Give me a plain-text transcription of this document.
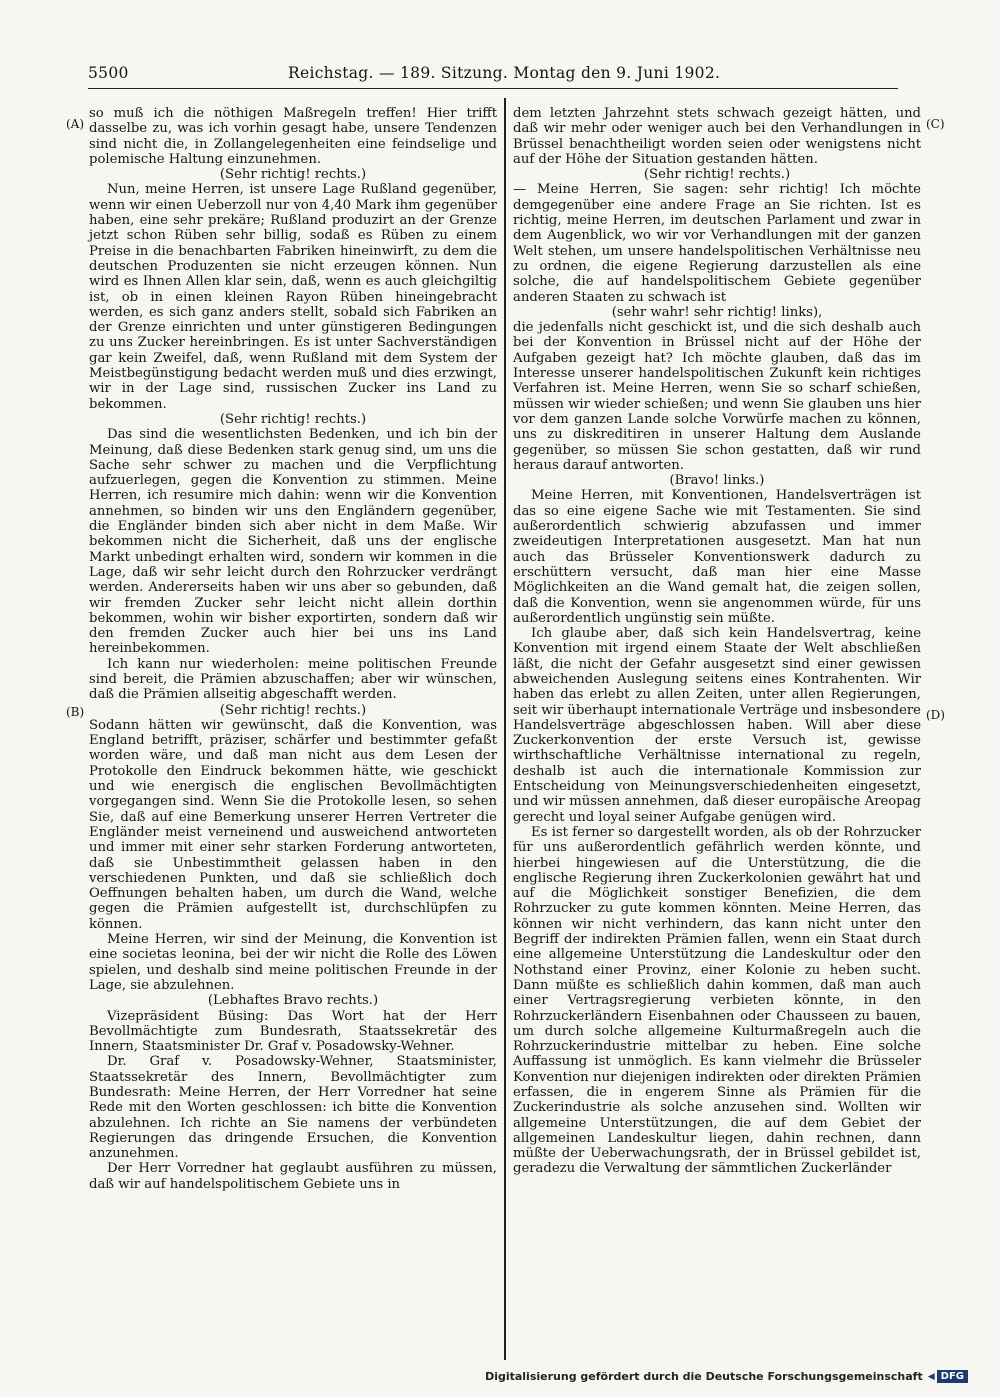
5500	Reichstag. — 189. Sitzung. Montag den 9. Juni 1902.
(A)
(B)
(C)
(D)

so muß ich die nöthigen Maßregeln treffen! Hier trifft dasselbe zu, was ich vorhin gesagt habe, unsere Tendenzen sind nicht die, in Zollangelegenheiten eine feindselige und polemische Haltung einzunehmen.

(Sehr richtig! rechts.)

Nun, meine Herren, ist unsere Lage Rußland gegenüber, wenn wir einen Ueberzoll nur von 4,40 Mark ihm gegenüber haben, eine sehr prekäre; Rußland produzirt an der Grenze jetzt schon Rüben sehr billig, sodaß es Rüben zu einem Preise in die benachbarten Fabriken hineinwirft, zu dem die deutschen Produzenten sie nicht erzeugen können. Nun wird es Ihnen Allen klar sein, daß, wenn es auch gleichgiltig ist, ob in einen kleinen Rayon Rüben hineingebracht werden, es sich ganz anders stellt, sobald sich Fabriken an der Grenze einrichten und unter günstigeren Bedingungen zu uns Zucker hereinbringen. Es ist unter Sachverständigen gar kein Zweifel, daß, wenn Rußland mit dem System der Meistbegünstigung bedacht werden muß und dies erzwingt, wir in der Lage sind, russischen Zucker ins Land zu bekommen.

(Sehr richtig! rechts.)

Das sind die wesentlichsten Bedenken, und ich bin der Meinung, daß diese Bedenken stark genug sind, um uns die Sache sehr schwer zu machen und die Verpflichtung aufzuerlegen, gegen die Konvention zu stimmen. Meine Herren, ich resumire mich dahin: wenn wir die Konvention annehmen, so binden wir uns den Engländern gegenüber, die Engländer binden sich aber nicht in dem Maße. Wir bekommen nicht die Sicherheit, daß uns der englische Markt unbedingt erhalten wird, sondern wir kommen in die Lage, daß wir sehr leicht durch den Rohrzucker verdrängt werden. Andererseits haben wir uns aber so gebunden, daß wir fremden Zucker sehr leicht nicht allein dorthin bekommen, wohin wir bisher exportirten, sondern daß wir den fremden Zucker auch hier bei uns ins Land hereinbekommen.

Ich kann nur wiederholen: meine politischen Freunde sind bereit, die Prämien abzuschaffen; aber wir wünschen, daß die Prämien allseitig abgeschafft werden.

(Sehr richtig! rechts.)

Sodann hätten wir gewünscht, daß die Konvention, was England betrifft, präziser, schärfer und bestimmter gefaßt worden wäre, und daß man nicht aus dem Lesen der Protokolle den Eindruck bekommen hätte, wie geschickt und wie energisch die englischen Bevollmächtigten vorgegangen sind. Wenn Sie die Protokolle lesen, so sehen Sie, daß auf eine Bemerkung unserer Herren Vertreter die Engländer meist verneinend und ausweichend antworteten und immer mit einer sehr starken Forderung antworteten, daß sie Unbestimmtheit gelassen haben in den verschiedenen Punkten, und daß sie schließlich doch Oeffnungen behalten haben, um durch die Wand, welche gegen die Prämien aufgestellt ist, durchschlüpfen zu können.

Meine Herren, wir sind der Meinung, die Konvention ist eine societas leonina, bei der wir nicht die Rolle des Löwen spielen, und deshalb sind meine politischen Freunde in der Lage, sie abzulehnen.

(Lebhaftes Bravo rechts.)

Vizepräsident Büsing: Das Wort hat der Herr Bevollmächtigte zum Bundesrath, Staatssekretär des Innern, Staatsminister Dr. Graf v. Posadowsky-Wehner.

Dr. Graf v. Posadowsky-Wehner, Staatsminister, Staatssekretär des Innern, Bevollmächtigter zum Bundesrath: Meine Herren, der Herr Vorredner hat seine Rede mit den Worten geschlossen: ich bitte die Konvention abzulehnen. Ich richte an Sie namens der verbündeten Regierungen das dringende Ersuchen, die Konvention anzunehmen.

Der Herr Vorredner hat geglaubt ausführen zu müssen, daß wir auf handelspolitischem Gebiete uns in

dem letzten Jahrzehnt stets schwach gezeigt hätten, und daß wir mehr oder weniger auch bei den Verhandlungen in Brüssel benachtheiligt worden seien oder wenigstens nicht auf der Höhe der Situation gestanden hätten.

(Sehr richtig! rechts.)

— Meine Herren, Sie sagen: sehr richtig! Ich möchte demgegenüber eine andere Frage an Sie richten. Ist es richtig, meine Herren, im deutschen Parlament und zwar in dem Augenblick, wo wir vor Verhandlungen mit der ganzen Welt stehen, um unsere handelspolitischen Verhältnisse neu zu ordnen, die eigene Regierung darzustellen als eine solche, die auf handelspolitischem Gebiete gegenüber anderen Staaten zu schwach ist

(sehr wahr! sehr richtig! links),

die jedenfalls nicht geschickt ist, und die sich deshalb auch bei der Konvention in Brüssel nicht auf der Höhe der Aufgaben gezeigt hat? Ich möchte glauben, daß das im Interesse unserer handelspolitischen Zukunft kein richtiges Verfahren ist. Meine Herren, wenn Sie so scharf schießen, müssen wir wieder schießen; und wenn Sie glauben uns hier vor dem ganzen Lande solche Vorwürfe machen zu können, uns zu diskreditiren in unserer Haltung dem Auslande gegenüber, so müssen Sie schon gestatten, daß wir rund heraus darauf antworten.

(Bravo! links.)

Meine Herren, mit Konventionen, Handelsverträgen ist das so eine eigene Sache wie mit Testamenten. Sie sind außerordentlich schwierig abzufassen und immer zweideutigen Interpretationen ausgesetzt. Man hat nun auch das Brüsseler Konventionswerk dadurch zu erschüttern versucht, daß man hier eine Masse Möglichkeiten an die Wand gemalt hat, die zeigen sollen, daß die Konvention, wenn sie angenommen würde, für uns außerordentlich ungünstig sein müßte.

Ich glaube aber, daß sich kein Handelsvertrag, keine Konvention mit irgend einem Staate der Welt abschließen läßt, die nicht der Gefahr ausgesetzt sind einer gewissen abweichenden Auslegung seitens eines Kontrahenten. Wir haben das erlebt zu allen Zeiten, unter allen Regierungen, seit wir überhaupt internationale Verträge und insbesondere Handelsverträge abgeschlossen haben. Will aber diese Zuckerkonvention der erste Versuch ist, gewisse wirthschaftliche Verhältnisse international zu regeln, deshalb ist auch die internationale Kommission zur Entscheidung von Meinungsverschiedenheiten eingesetzt, und wir müssen annehmen, daß dieser europäische Areopag gerecht und loyal seiner Aufgabe genügen wird.

Es ist ferner so dargestellt worden, als ob der Rohrzucker für uns außerordentlich gefährlich werden könnte, und hierbei hingewiesen auf die Unterstützung, die die englische Regierung ihren Zuckerkolonien gewährt hat und auf die Möglichkeit sonstiger Benefizien, die dem Rohrzucker zu gute kommen könnten. Meine Herren, das können wir nicht verhindern, das kann nicht unter den Begriff der indirekten Prämien fallen, wenn ein Staat durch eine allgemeine Unterstützung die Landeskultur oder den Nothstand einer Provinz, einer Kolonie zu heben sucht. Dann müßte es schließlich dahin kommen, daß man auch einer Vertragsregierung verbieten könnte, in den Rohrzuckerländern Eisenbahnen oder Chausseen zu bauen, um durch solche allgemeine Kulturmaßregeln auch die Rohrzuckerindustrie mittelbar zu heben. Eine solche Auffassung ist unmöglich. Es kann vielmehr die Brüsseler Konvention nur diejenigen indirekten oder direkten Prämien erfassen, die in engerem Sinne als Prämien für die Zuckerindustrie als solche anzusehen sind. Wollten wir allgemeine Unterstützungen, die auf dem Gebiet der allgemeinen Landeskultur liegen, dahin rechnen, dann müßte der Ueberwachungsrath, der in Brüssel gebildet ist, geradezu die Verwaltung der sämmtlichen Zuckerländer

Digitalisierung gefördert durch die Deutsche Forschungsgemeinschaft ◀ DFG
